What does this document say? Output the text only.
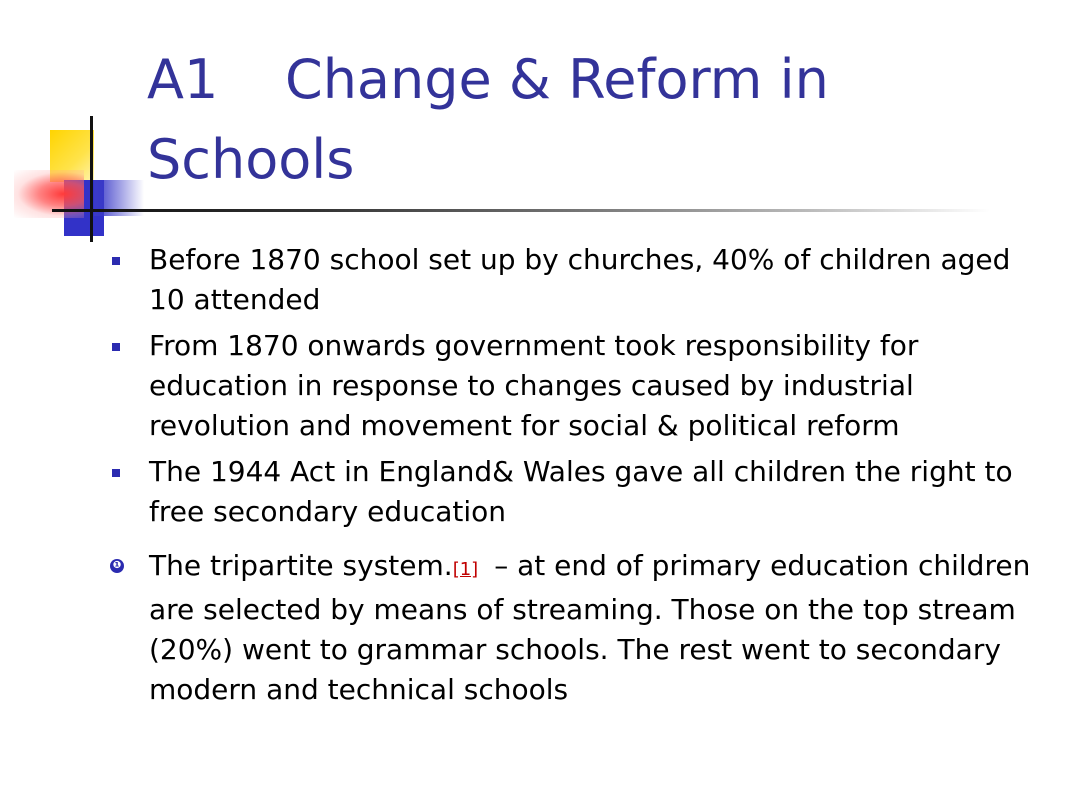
A1 Change & Reform in Schools
Before 1870 school set up by churches, 40% of children aged 10 attended
From 1870 onwards government took responsibility for education in response to changes caused by industrial revolution and movement for social & political reform
The 1944 Act in England& Wales gave all children the right to free secondary education
❶ The tripartite system.[1] – at end of primary education children are selected by means of streaming. Those on the top stream (20%) went to grammar schools. The rest went to secondary modern and technical schools
